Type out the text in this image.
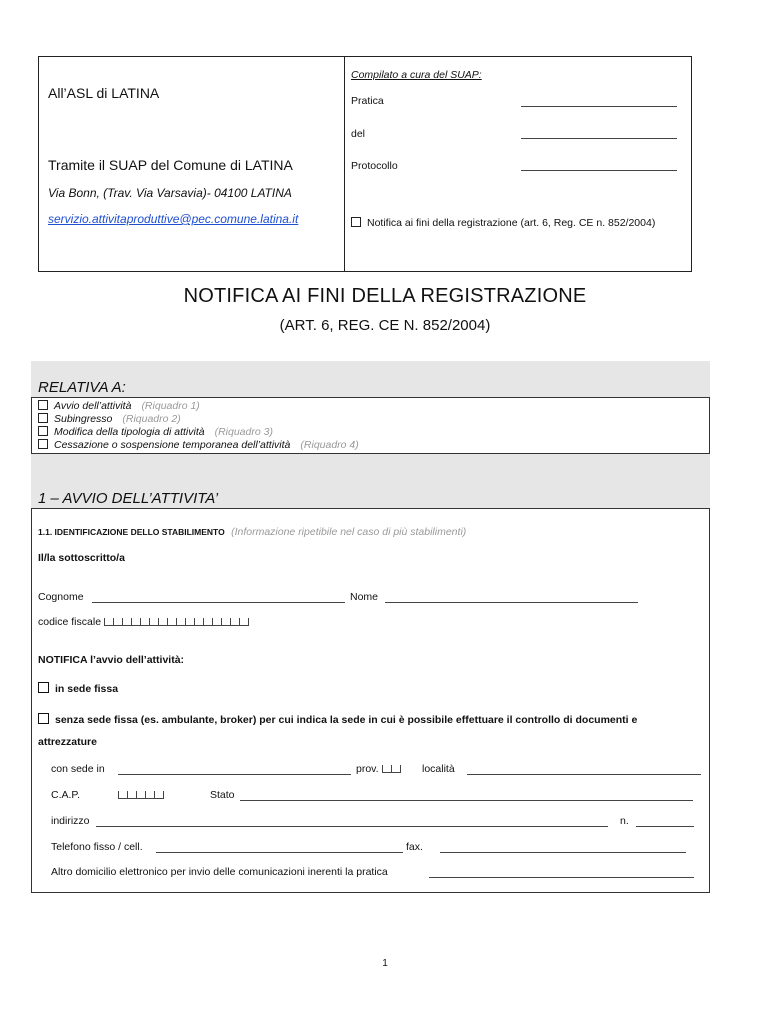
All’ASL di LATINA
Tramite il SUAP del Comune di LATINA
Via Bonn, (Trav. Via Varsavia)- 04100 LATINA
servizio.attivitaproduttive@pec.comune.latina.it
Compilato a cura del SUAP:
Pratica
del
Protocollo
Notifica ai fini della registrazione (art. 6, Reg. CE n. 852/2004)
NOTIFICA AI FINI DELLA REGISTRAZIONE
(ART. 6, REG. CE N. 852/2004)
RELATIVA A:
Avvio dell’attività (Riquadro 1)
Subingresso (Riquadro 2)
Modifica della tipologia di attività (Riquadro 3)
Cessazione o sospensione temporanea dell’attività (Riquadro 4)
1 – AVVIO DELL’ATTIVITA’
1.1. IDENTIFICAZIONE DELLO STABILIMENTO (Informazione ripetibile nel caso di più stabilimenti)
Il/la sottoscritto/a
Cognome	Nome
codice fiscale
NOTIFICA l’avvio dell’attività:
in sede fissa
senza sede fissa (es. ambulante, broker) per cui indica la sede in cui è possibile effettuare il controllo di documenti e
attrezzature
con sede in	prov.	località
C.A.P.	Stato
indirizzo	n.
Telefono fisso / cell.	fax.
Altro domicilio elettronico per invio delle comunicazioni inerenti la pratica
1
